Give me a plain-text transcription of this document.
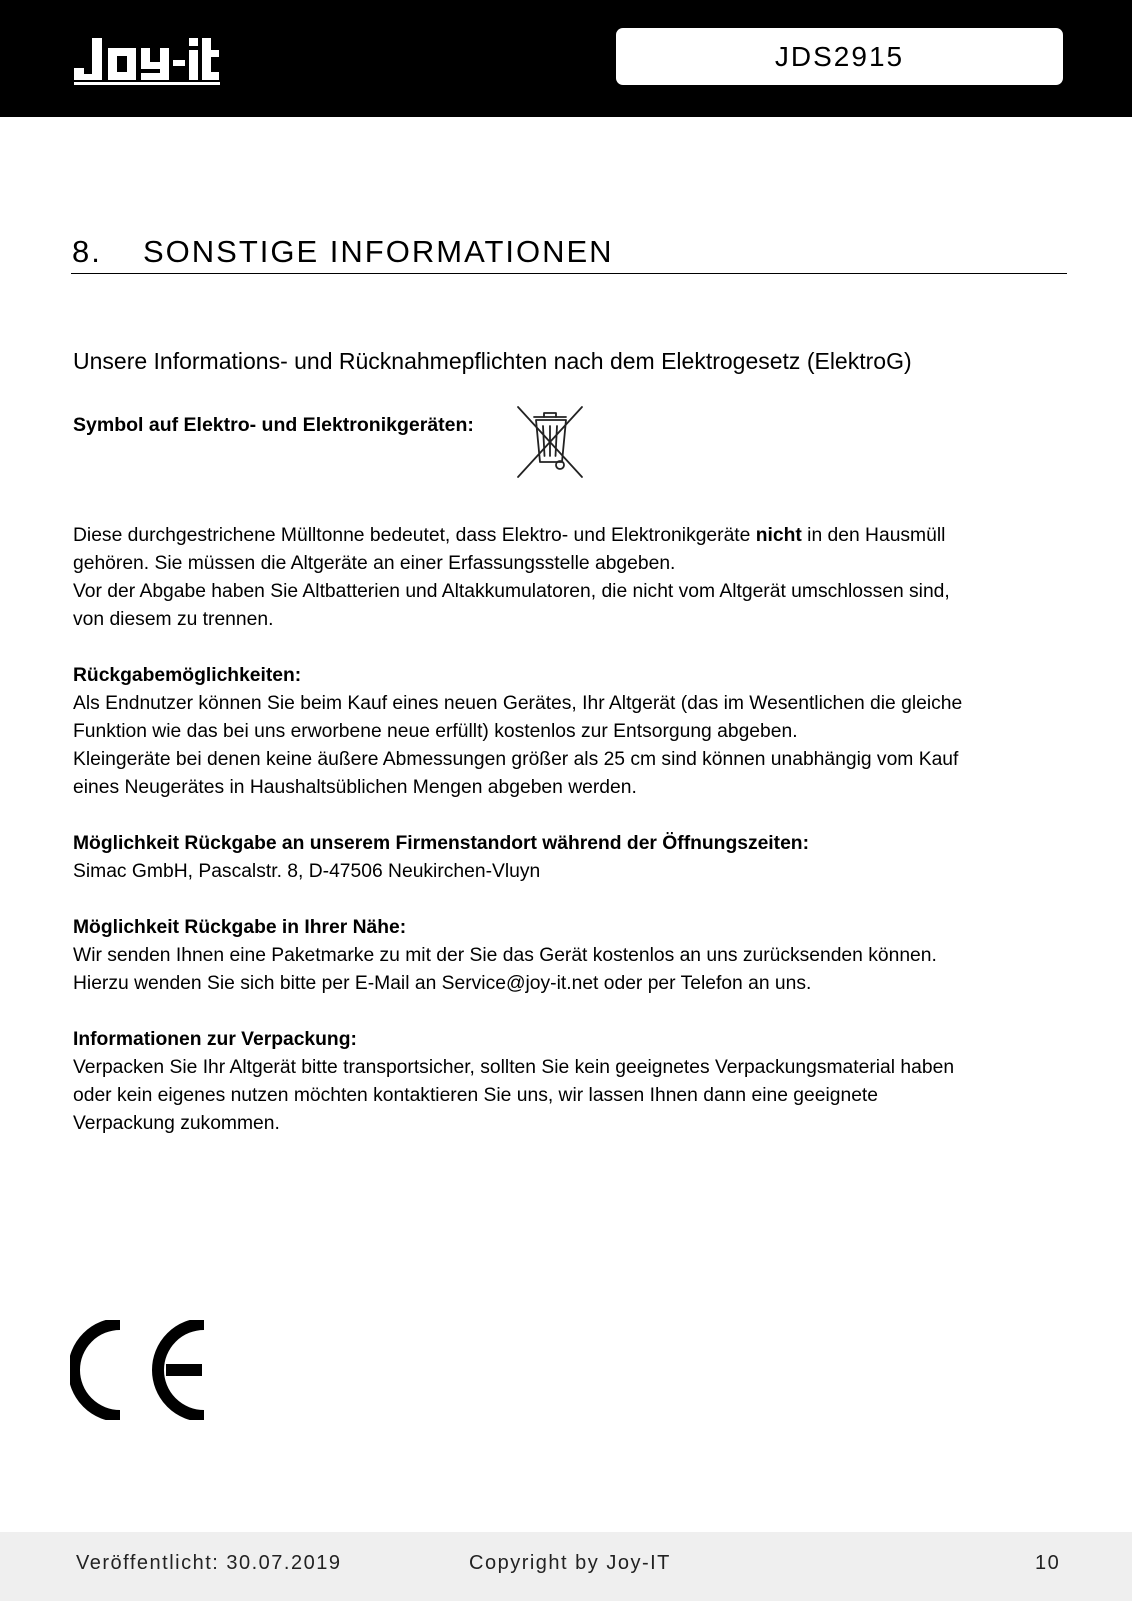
JDS2915
8. SONSTIGE INFORMATIONEN
Unsere Informations- und Rücknahmepflichten nach dem Elektrogesetz (ElektroG)
Symbol auf Elektro- und Elektronikgeräten:

Diese durchgestrichene Mülltonne bedeutet, dass Elektro- und Elektronikgeräte nicht in den Hausmüll
gehören. Sie müssen die Altgeräte an einer Erfassungsstelle abgeben.
Vor der Abgabe haben Sie Altbatterien und Altakkumulatoren, die nicht vom Altgerät umschlossen sind,
von diesem zu trennen.

Rückgabemöglichkeiten:
Als Endnutzer können Sie beim Kauf eines neuen Gerätes, Ihr Altgerät (das im Wesentlichen die gleiche
Funktion wie das bei uns erworbene neue erfüllt) kostenlos zur Entsorgung abgeben.
Kleingeräte bei denen keine äußere Abmessungen größer als 25 cm sind können unabhängig vom Kauf
eines Neugerätes in Haushaltsüblichen Mengen abgeben werden.

Möglichkeit Rückgabe an unserem Firmenstandort während der Öffnungszeiten:
Simac GmbH, Pascalstr. 8, D-47506 Neukirchen-Vluyn

Möglichkeit Rückgabe in Ihrer Nähe:
Wir senden Ihnen eine Paketmarke zu mit der Sie das Gerät kostenlos an uns zurücksenden können.
Hierzu wenden Sie sich bitte per E-Mail an Service@joy-it.net oder per Telefon an uns.

Informationen zur Verpackung:
Verpacken Sie Ihr Altgerät bitte transportsicher, sollten Sie kein geeignetes Verpackungsmaterial haben
oder kein eigenes nutzen möchten kontaktieren Sie uns, wir lassen Ihnen dann eine geeignete
Verpackung zukommen.

Veröffentlicht: 30.07.2019	Copyright by Joy-IT	10
